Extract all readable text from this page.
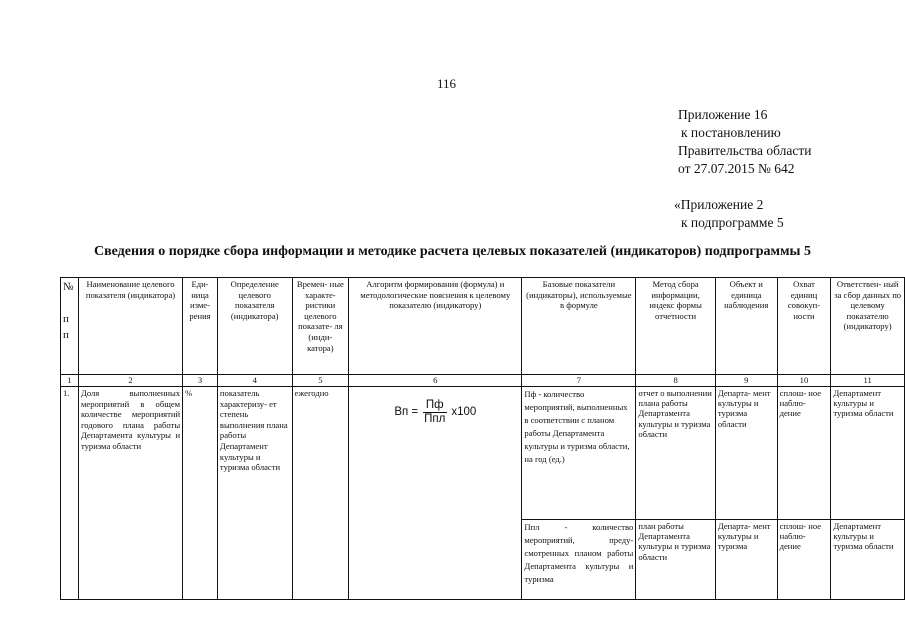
116
Приложение 16
к постановлению
Правительства области
от 27.07.2015 № 642
«Приложение 2
к подпрограмме 5
Сведения о порядке сбора информации и методике расчета целевых показателей (индикаторов) подпрограммы 5
№

п
п	Наименование целевого показателя (индикатора)	Еди- ница изме- рения	Определение целевого показателя (индикатора)	Времен- ные характе- ристики целевого показате- ля (инди- катора)	Алгоритм формирования (формула) и методологические пояснения к целевому показателю (индикатору)	Базовые показатели (индикаторы), используемые в формуле	Метод сбора информации, индекс формы отчетности	Объект и единица наблюдения	Охват единиц совокуп- ности	Ответствен- ный за сбор данных по целевому показателю (индикатору)
1	2	3	4	5	6	7	8	9	10	11
1.	Доля выполненных мероприятий в общем количестве мероприятий годового плана работы Департамента культуры и туризма области	%	показатель характеризу- ет степень выполнения плана работы Департамент культуры и туризма области	ежегодно	Вп = $\frac{Пф}{\text{Ппл}} х100$	Пф - количество мероприятий, выполненных в соответствии с планом работы Департамента культуры и туризма области, на год (ед.)	отчет о выполнении плана работы Департамента культуры и туризма области	Департа- мент культуры и туризма области	сплош- ное наблю- дение	Департамент культуры и туризма области
						Ппл - количество мероприятий, преду- смотренных планом работы Департамента культуры и туризма	план работы Департамента культуры и туризма области	Департа- мент культуры и туризма	сплош- ное наблю- дение	Департамент культуры и туризма области
